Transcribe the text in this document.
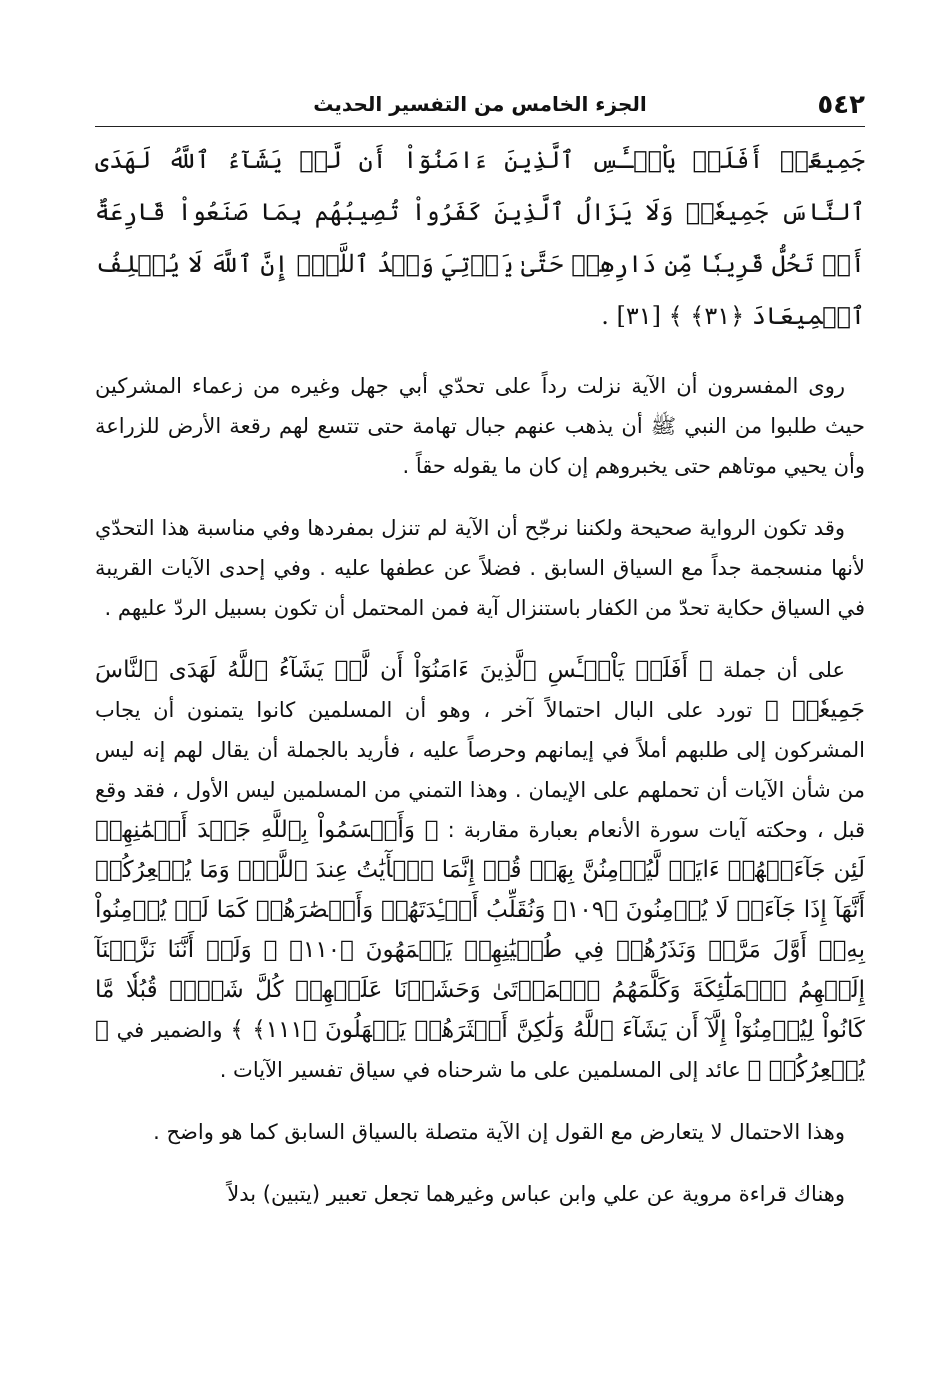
٥٤٢
الجزء الخامس من التفسير الحديث

جَمِيعًاۗ أَفَلَمۡ يَاْيۡـَٔسِ ٱلَّذِينَ ءَامَنُوٓاْ أَن لَّوۡ يَشَآءُ ٱللَّهُ لَهَدَى ٱلنَّاسَ جَمِيعٗاۗ وَلَا يَزَالُ ٱلَّذِينَ كَفَرُواْ تُصِيبُهُم بِمَا صَنَعُواْ قَارِعَةٌ أَوۡ تَحُلُّ قَرِيبٗا مِّن دَارِهِمۡ حَتَّىٰ يَأۡتِيَ وَعۡدُ ٱللَّهِۚ إِنَّ ٱللَّهَ لَا يُخۡلِفُ ٱلۡمِيعَادَ ﴿٣١﴾ ﴾ [٣١] .

روى المفسرون أن الآية نزلت رداً على تحدّي أبي جهل وغيره من زعماء المشركين حيث طلبوا من النبي ﷺ أن يذهب عنهم جبال تهامة حتى تتسع لهم رقعة الأرض للزراعة وأن يحيي موتاهم حتى يخبروهم إن كان ما يقوله حقاً .

وقد تكون الرواية صحيحة ولكننا نرجّح أن الآية لم تنزل بمفردها وفي مناسبة هذا التحدّي لأنها منسجمة جداً مع السياق السابق . فضلاً عن عطفها عليه . وفي إحدى الآيات القريبة في السياق حكاية تحدّ من الكفار باستنزال آية فمن المحتمل أن تكون بسبيل الردّ عليهم .

على أن جملة ﴿ أَفَلَمۡ يَاْيۡـَٔسِ ٱلَّذِينَ ءَامَنُوٓاْ أَن لَّوۡ يَشَآءُ ٱللَّهُ لَهَدَى ٱلنَّاسَ جَمِيعٗاۗ ﴾ تورد على البال احتمالاً آخر ، وهو أن المسلمين كانوا يتمنون أن يجاب المشركون إلى طلبهم أملاً في إيمانهم وحرصاً عليه ، فأريد بالجملة أن يقال لهم إنه ليس من شأن الآيات أن تحملهم على الإيمان . وهذا التمني من المسلمين ليس الأول ، فقد وقع قبل ، وحكته آيات سورة الأنعام بعبارة مقاربة : ﴿ وَأَقۡسَمُواْ بِٱللَّهِ جَهۡدَ أَيۡمَٰنِهِمۡ لَئِن جَآءَتۡهُمۡ ءَايَةٞ لَّيُؤۡمِنُنَّ بِهَاۚ قُلۡ إِنَّمَا ٱلۡأٓيَٰتُ عِندَ ٱللَّهِۖ وَمَا يُشۡعِرُكُمۡ أَنَّهَآ إِذَا جَآءَتۡ لَا يُؤۡمِنُونَ ﴿١٠٩﴾ وَنُقَلِّبُ أَفۡـِٔدَتَهُمۡ وَأَبۡصَٰرَهُمۡ كَمَا لَمۡ يُؤۡمِنُواْ بِهِۦٓ أَوَّلَ مَرَّةٖ وَنَذَرُهُمۡ فِي طُغۡيَٰنِهِمۡ يَعۡمَهُونَ ﴿١١٠﴾ ۞ وَلَوۡ أَنَّنَا نَزَّلۡنَآ إِلَيۡهِمُ ٱلۡمَلَٰٓئِكَةَ وَكَلَّمَهُمُ ٱلۡمَوۡتَىٰ وَحَشَرۡنَا عَلَيۡهِمۡ كُلَّ شَيۡءٖ قُبُلٗا مَّا كَانُواْ لِيُؤۡمِنُوٓاْ إِلَّآ أَن يَشَآءَ ٱللَّهُ وَلَٰكِنَّ أَكۡثَرَهُمۡ يَجۡهَلُونَ ﴿١١١﴾ ﴾ والضمير في ﴿ يُشۡعِرُكُمۡ ﴾ عائد إلى المسلمين على ما شرحناه في سياق تفسير الآيات .

وهذا الاحتمال لا يتعارض مع القول إن الآية متصلة بالسياق السابق كما هو واضح .

وهناك قراءة مروية عن علي وابن عباس وغيرهما تجعل تعبير (يتبين) بدلاً
